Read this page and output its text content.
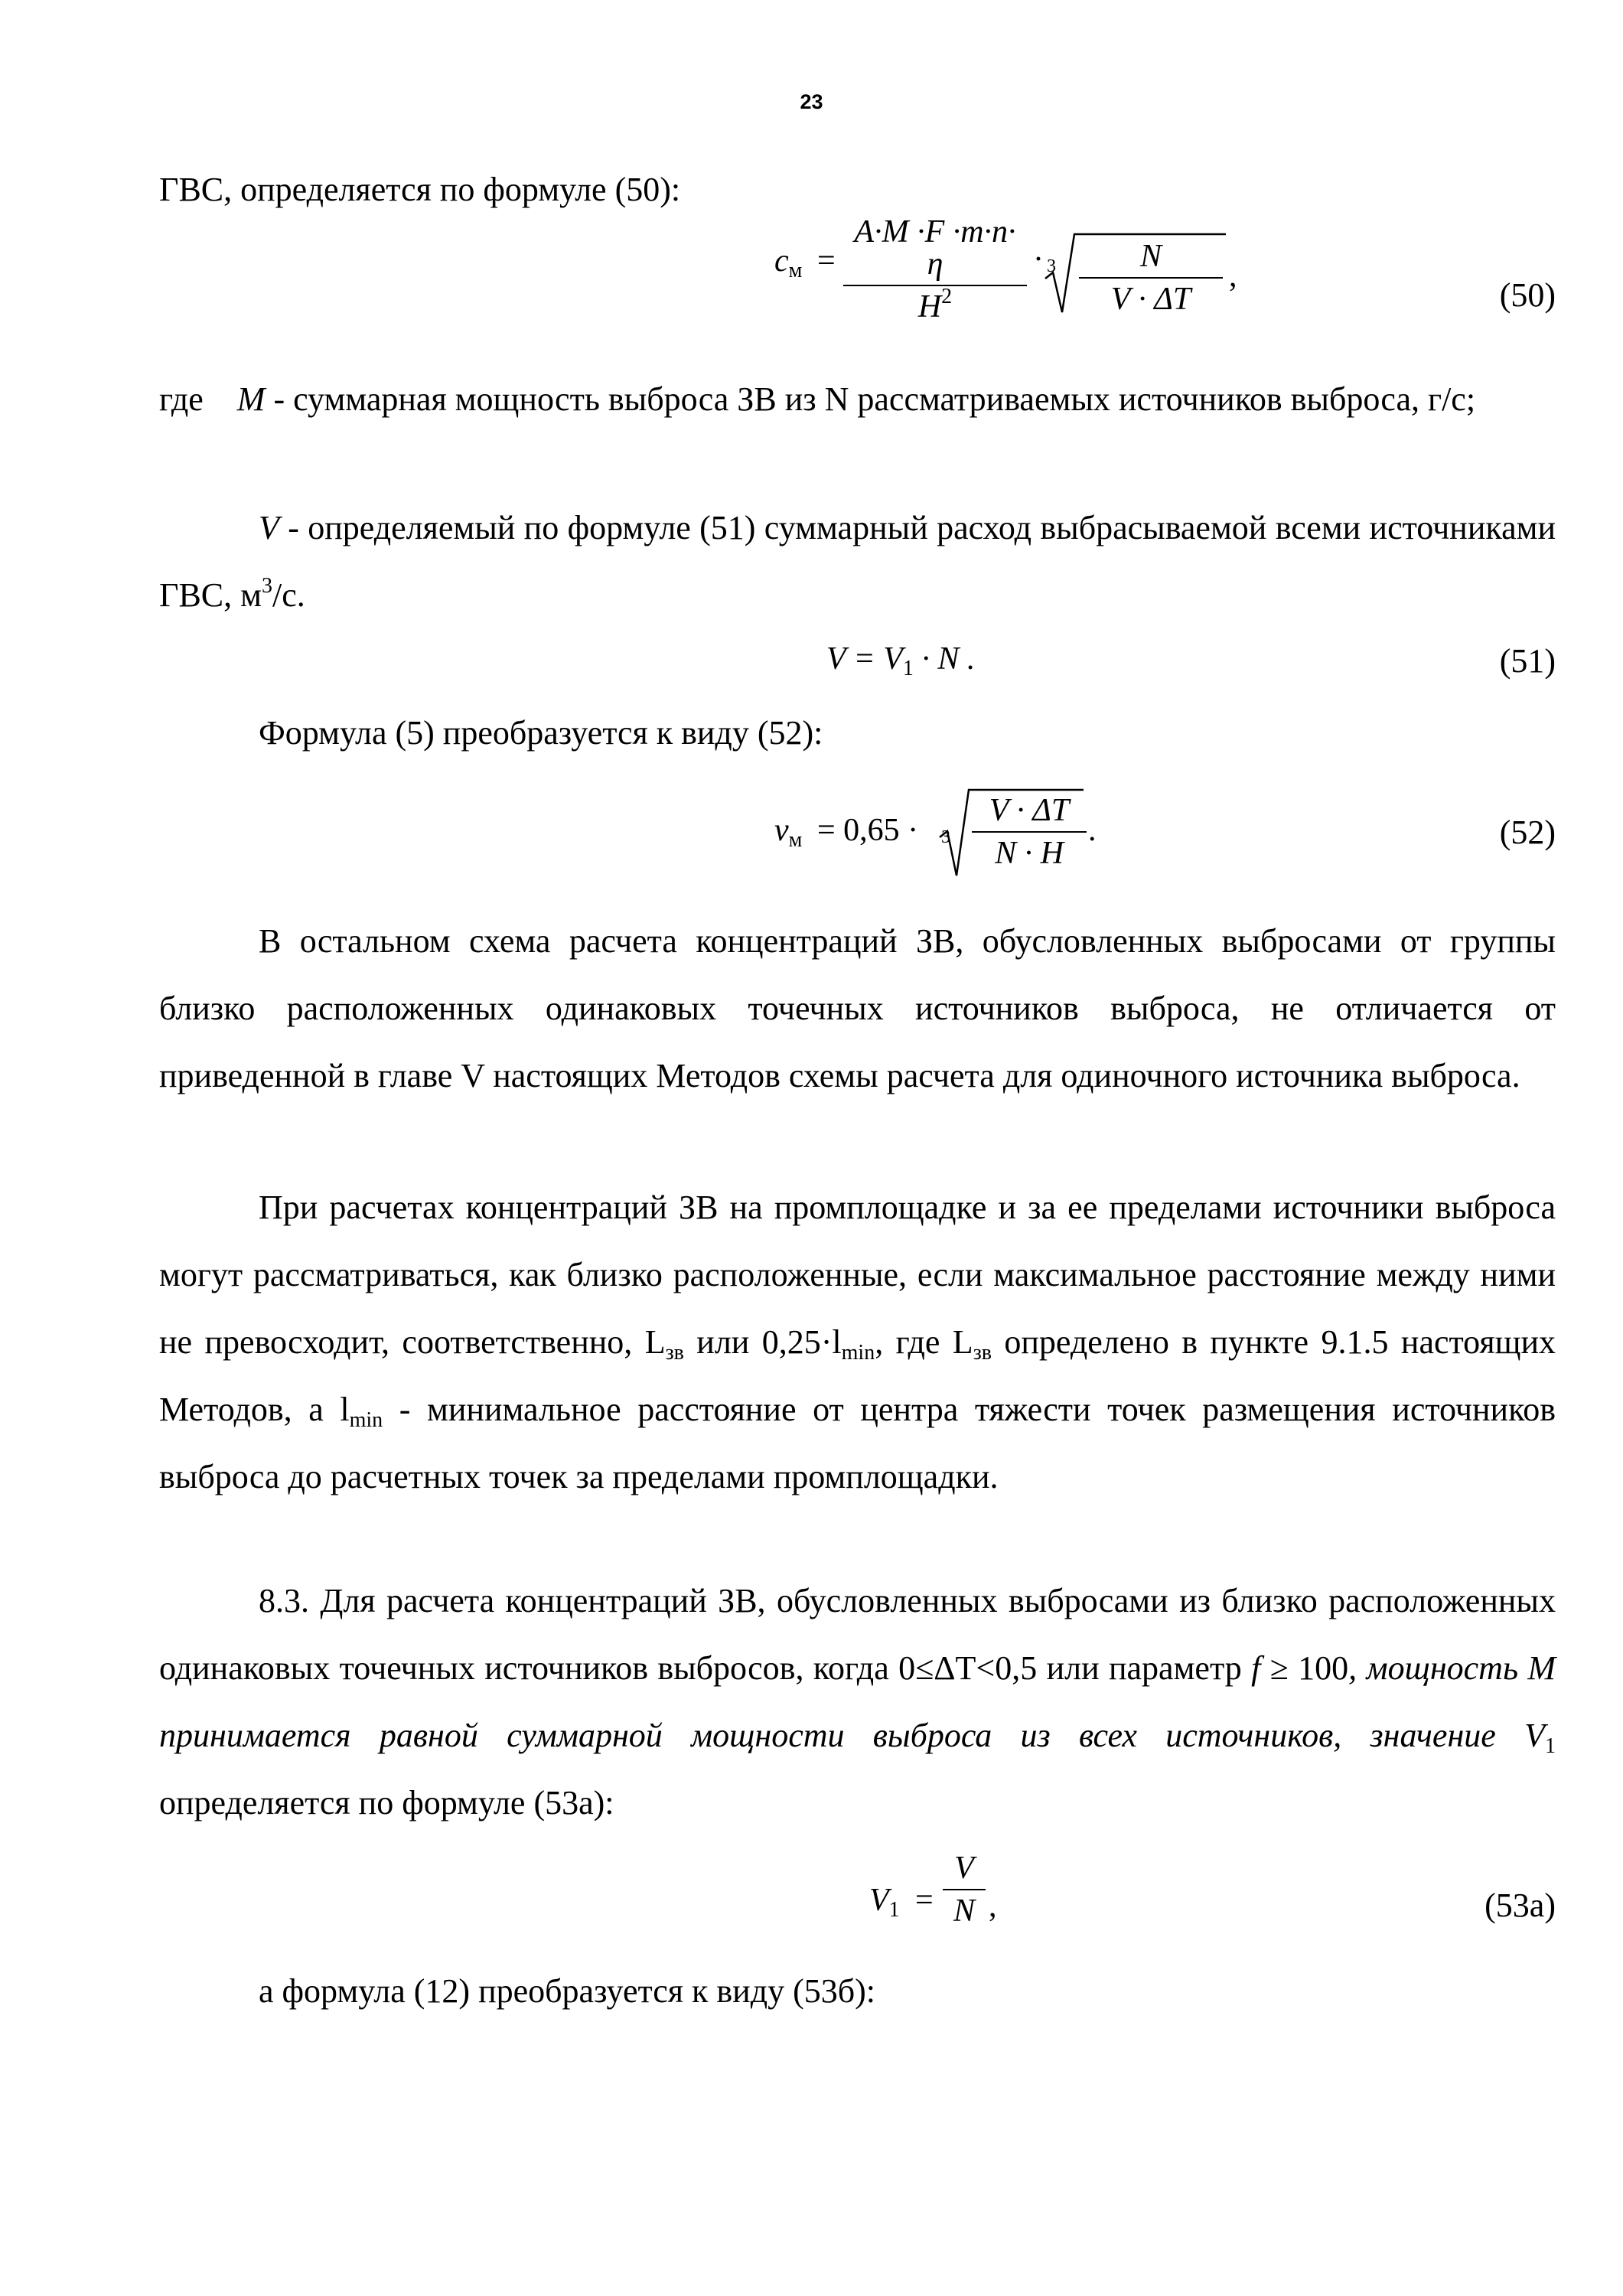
23

ГВС, определяется по формуле (50):

$c_м$ =
A·M ·F ·m·n· η
$H^2$
· 3	N
V · ΔT
,	(50)

где M - суммарная мощность выброса ЗВ из N рассматриваемых источников выброса, г/с;

V - определяемый по формуле (51) суммарный расход выбрасываемой всеми источниками ГВС, $м^3/с$.

$V = V_1 \cdot N$ .	(51)

Формула (5) преобразуется к виду (52):

$v_м = 0,65 \cdot 3$
V · ΔT
N · H
.	(52)

В остальном схема расчета концентраций ЗВ, обусловленных выбросами от группы близко расположенных одинаковых точечных источников выброса, не отличается от приведенной в главе V настоящих Методов схемы расчета для одиночного источника выброса.

При расчетах концентраций ЗВ на промплощадке и за ее пределами источники выброса могут рассматриваться, как близко расположенные, если максимальное расстояние между ними не превосходит, соответственно, $L_{зв}$ или $0,25\cdot l_{min}$, где $L_{зв}$ определено в пункте 9.1.5 настоящих Методов, а $l_{min}$ - минимальное расстояние от центра тяжести точек размещения источников выброса до расчетных точек за пределами промплощадки.

8.3. Для расчета концентраций ЗВ, обусловленных выбросами из близко расположенных одинаковых точечных источников выбросов, когда 0≤ΔT<0,5 или параметр f ≥ 100, мощность M принимается равной суммарной мощности выброса из всех источников, значение $V_1$ определяется по формуле (53а):

$V_1$ =
V
N ,	(53а)

а формула (12) преобразуется к виду (53б):
